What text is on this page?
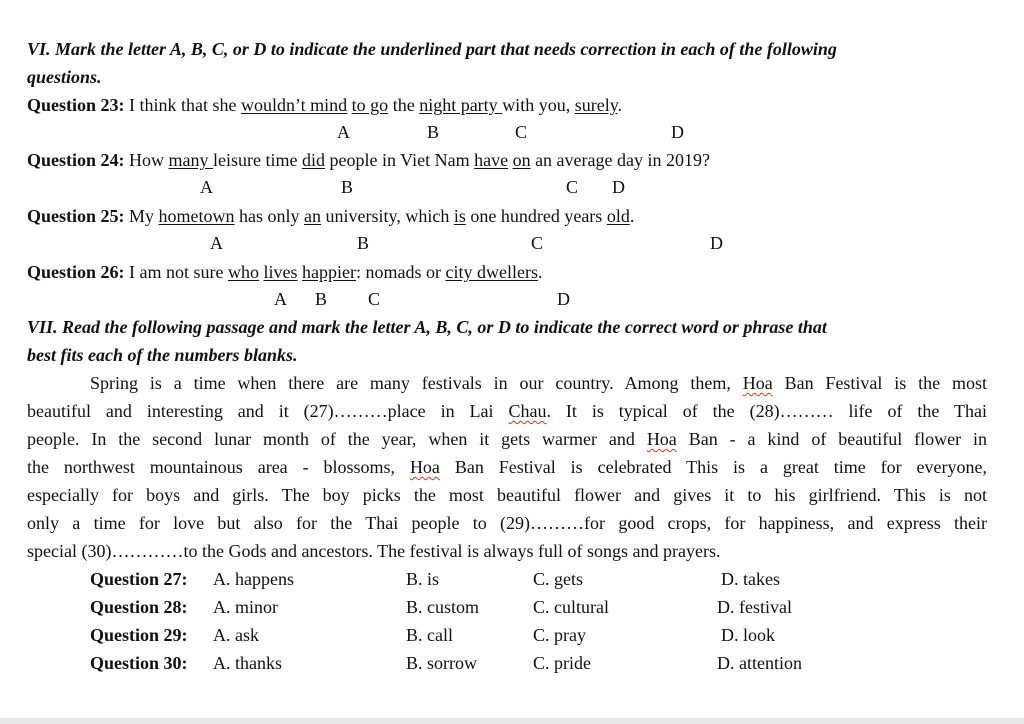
VI. Mark the letter A, B, C, or D to indicate the underlined part that needs correction in each of the following
questions.
Question 23: I think that she wouldn’t mind to go the night party with you, surely.
A	B	C	D
Question 24: How many leisure time did people in Viet Nam have on an average day in 2019?
A	B	C D
Question 25: My hometown has only an university, which is one hundred years old.
A	B	C	D
Question 26: I am not sure who lives happier: nomads or city dwellers.
A B C	D
VII. Read the following passage and mark the letter A, B, C, or D to indicate the correct word or phrase that
best fits each of the numbers blanks.
Spring is a time when there are many festivals in our country. Among them, Hoa Ban Festival is the most
beautiful and interesting and it (27)………place in Lai Chau. It is typical of the (28)……… life of the Thai
people. In the second lunar month of the year, when it gets warmer and Hoa Ban - a kind of beautiful flower in
the northwest mountainous area - blossoms, Hoa Ban Festival is celebrated This is a great time for everyone,
especially for boys and girls. The boy picks the most beautiful flower and gives it to his girlfriend. This is not
only a time for love but also for the Thai people to (29)………for good crops, for happiness, and express their
special (30)…………to the Gods and ancestors. The festival is always full of songs and prayers.
Question 27: A. happens	B. is	C. gets	D. takes
Question 28: A. minor	B. custom	C. cultural	D. festival
Question 29: A. ask	B. call	C. pray	D. look
Question 30: A. thanks	B. sorrow	C. pride	D. attention
